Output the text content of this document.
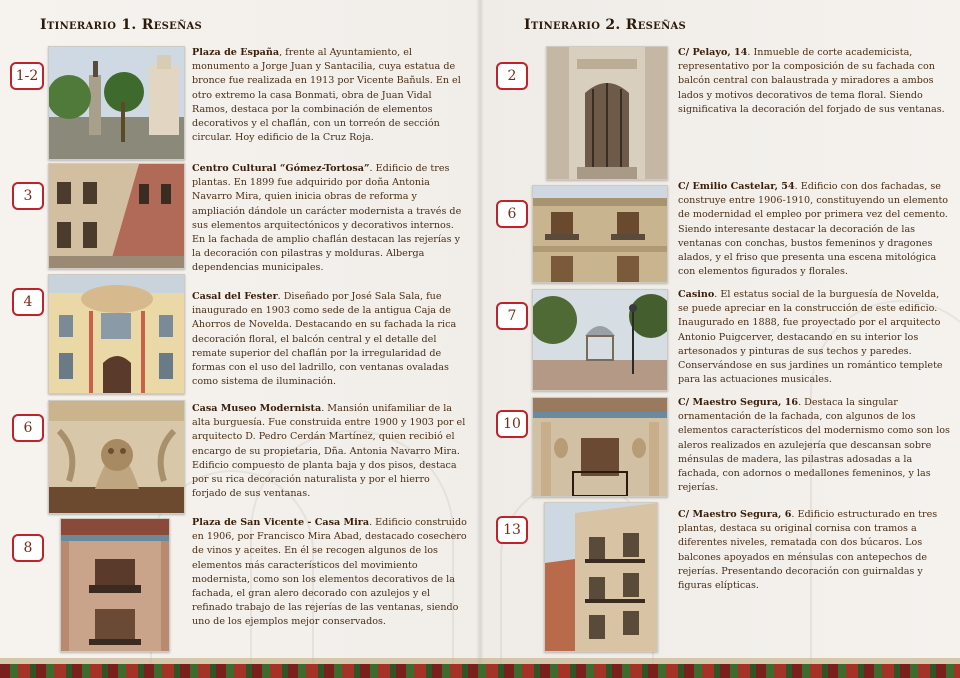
Itinerario 1. Reseñas
1-2

Plaza de España, frente al Ayuntamiento, el monumento a Jorge Juan y Santacilia, cuya estatua de bronce fue realizada en 1913 por Vicente Bañuls. En el otro extremo la casa Bonmati, obra de Juan Vidal Ramos, destaca por la combinación de elementos decorativos y el chaflán, con un torreón de sección circular. Hoy edificio de la Cruz Roja.

3

Centro Cultural “Gómez-Tortosa”. Edificio de tres plantas. En 1899 fue adquirido por doña Antonia Navarro Mira, quien inicia obras de reforma y ampliación dándole un carácter modernista a través de sus elementos arquitectónicos y decorativos internos. En la fachada de amplio chaflán destacan las rejerías y la decoración con pilastras y molduras. Alberga dependencias municipales.

4	Casal del Fester. Diseñado por José Sala Sala, fue inaugurado en 1903 como sede de la antigua Caja de Ahorros de Novelda. Destacando en su fachada la rica decoración floral, el balcón central y el detalle del remate superior del chaflán por la irregularidad de formas con el uso del ladrillo, con ventanas ovaladas como sistema de iluminación.

6

Casa Museo Modernista. Mansión unifamiliar de la alta burguesía. Fue construida entre 1900 y 1903 por el arquitecto D. Pedro Cerdán Martínez, quien recibió el encargo de su propietaria, Dña. Antonia Navarro Mira. Edificio compuesto de planta baja y dos pisos, destaca por su rica decoración naturalista y por el hierro forjado de sus ventanas.

8

Plaza de San Vicente - Casa Mira. Edificio construido en 1906, por Francisco Mira Abad, destacado cosechero de vinos y aceites. En él se recogen algunos de los elementos más característicos del movimiento modernista, como son los elementos decorativos de la fachada, el gran alero decorado con azulejos y el refinado trabajo de las rejerías de las ventanas, siendo uno de los ejemplos mejor conservados.

Itinerario 2. Reseñas
2

C/ Pelayo, 14. Inmueble de corte academicista, representativo por la composición de su fachada con balcón central con balaustrada y miradores a ambos lados y motivos decorativos de tema floral. Siendo significativa la decoración del forjado de sus ventanas.

6

C/ Emilio Castelar, 54. Edificio con dos fachadas, se construye entre 1906-1910, constituyendo un elemento de modernidad el empleo por primera vez del cemento. Siendo interesante destacar la decoración de las ventanas con conchas, bustos femeninos y dragones alados, y el friso que presenta una escena mitológica con elementos figurados y florales.

7

Casino. El estatus social de la burguesía de Novelda, se puede apreciar en la construcción de este edificio. Inaugurado en 1888, fue proyectado por el arquitecto Antonio Puigcerver, destacando en su interior los artesonados y pinturas de sus techos y paredes. Conservándose en sus jardines un romántico templete para las actuaciones musicales.

10

C/ Maestro Segura, 16. Destaca la singular ornamentación de la fachada, con algunos de los elementos característicos del modernismo como son los aleros realizados en azulejería que descansan sobre ménsulas de madera, las pilastras adosadas a la fachada, con adornos o medallones femeninos, y las rejerías.

13

C/ Maestro Segura, 6. Edificio estructurado en tres plantas, destaca su original cornisa con tramos a diferentes niveles, rematada con dos búcaros. Los balcones apoyados en ménsulas con antepechos de rejerías. Presentando decoración con guirnaldas y figuras elípticas.
